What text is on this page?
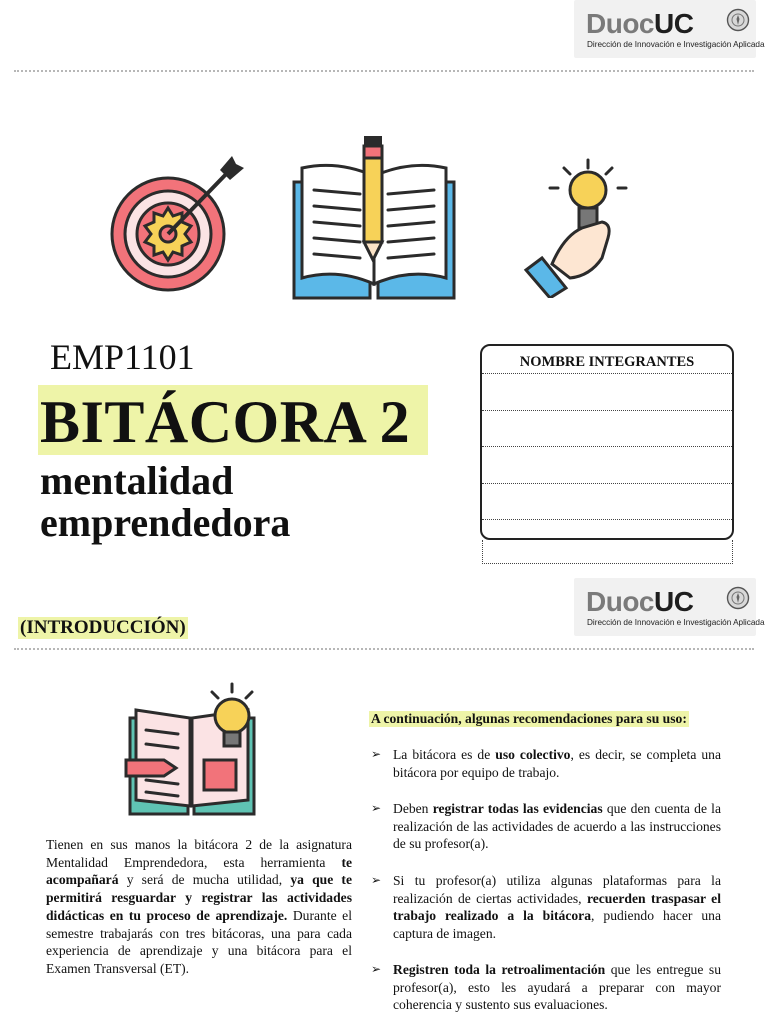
DuocUC
Dirección de Innovación e Investigación Aplicada
EMP1101
BITÁCORA 2
mentalidad
emprendedora
NOMBRE INTEGRANTES
DuocUC
Dirección de Innovación e Investigación Aplicada
(INTRODUCCIÓN)
Tienen en sus manos la bitácora 2 de la asignatura Mentalidad Emprendedora, esta herramienta te acompañará y será de mucha utilidad, ya que te permitirá resguardar y registrar las actividades didácticas en tu proceso de aprendizaje. Durante el semestre trabajarás con tres bitácoras, una para cada experiencia de aprendizaje y una bitácora para el Examen Transversal (ET).
A continuación, algunas recomendaciones para su uso:
➢ La bitácora es de uso colectivo, es decir, se completa una bitácora por equipo de trabajo.
➢ Deben registrar todas las evidencias que den cuenta de la realización de las actividades de acuerdo a las instrucciones de su profesor(a).
➢ Si tu profesor(a) utiliza algunas plataformas para la realización de ciertas actividades, recuerden traspasar el trabajo realizado a la bitácora, pudiendo hacer una captura de imagen.
➢ Registren toda la retroalimentación que les entregue su profesor(a), esto les ayudará a preparar con mayor coherencia y sustento sus evaluaciones.
